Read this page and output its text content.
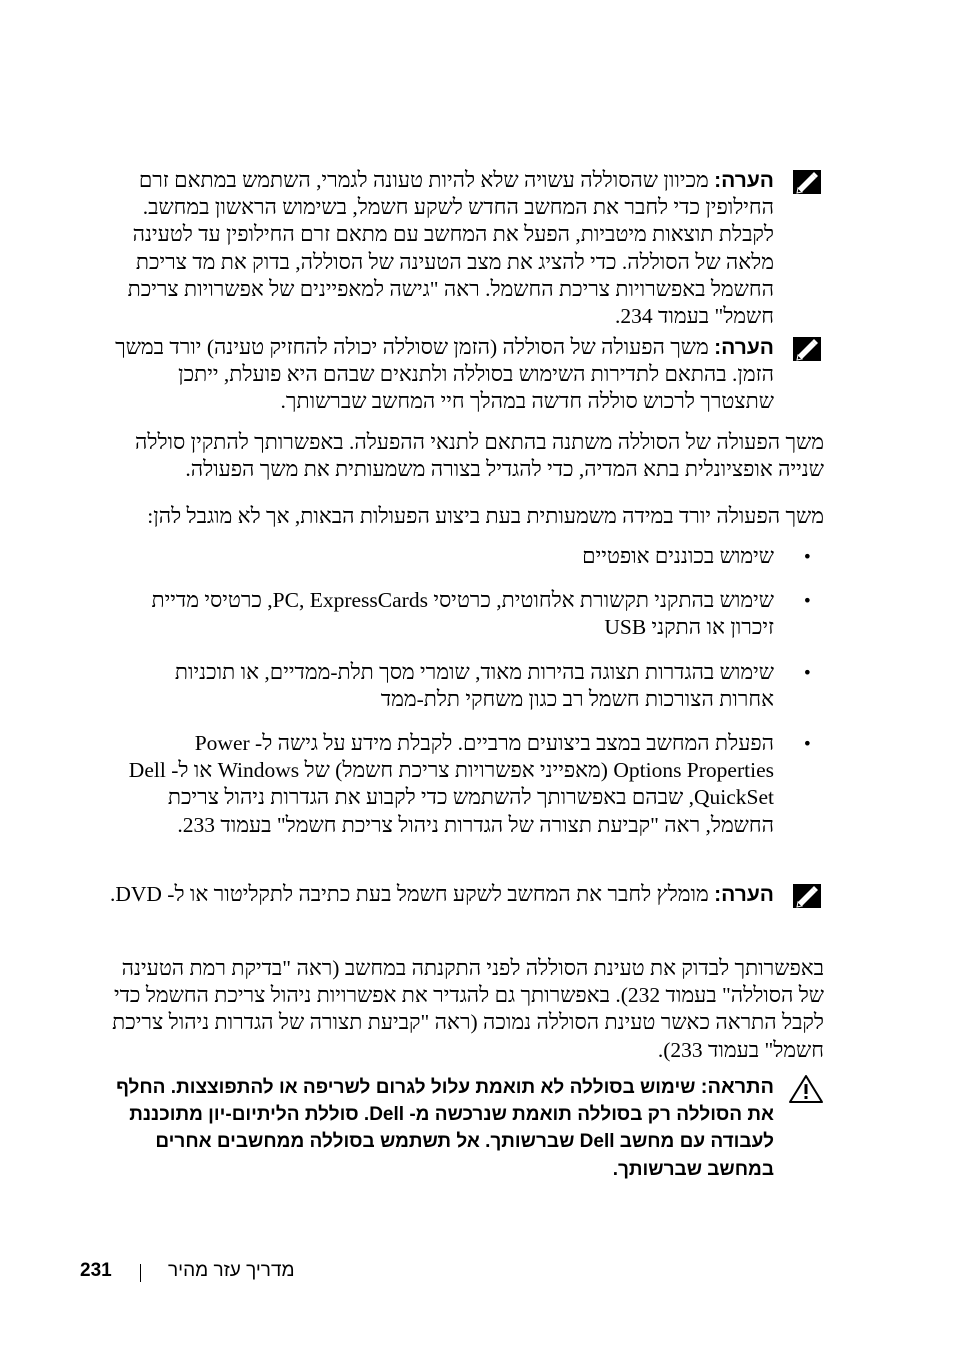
הערה: מכיוון שהסוללה עשויה שלא להיות טעונה לגמרי, השתמש במתאם זרם החילופין כדי לחבר את המחשב החדש לשקע חשמל, בשימוש הראשון במחשב. לקבלת תוצאות מיטביות, הפעל את המחשב עם מתאם זרם החילופין עד לטעינה מלאה של הסוללה. כדי להציג את מצב הטעינה של הסוללה, בדוק את מד צריכת החשמל באפשרויות צריכת החשמל. ראה "גישה למאפיינים של אפשרויות צריכת חשמל" בעמוד 234.
הערה: משך הפעולה של הסוללה (הזמן שסוללה יכולה להחזיק טעינה) יורד במשך הזמן. בהתאם לתדירות השימוש בסוללה ולתנאים שבהם היא פועלת, ייתכן שתצטרך לרכוש סוללה חדשה במהלך חיי המחשב שברשותך.
משך הפעולה של הסוללה משתנה בהתאם לתנאי ההפעלה. באפשרותך להתקין סוללה שנייה אופציונלית בתא המדיה, כדי להגדיל בצורה משמעותית את משך הפעולה.
משך הפעולה יורד במידה משמעותית בעת ביצוע הפעולות הבאות, אך לא מוגבל להן:
• שימוש בכוננים אופטיים
• שימוש בהתקני תקשורת אלחוטית, כרטיסי PC, ExpressCards, כרטיסי מדיית זיכרון או התקני USB
• שימוש בהגדרות תצוגה בהירות מאוד, שומרי מסך תלת-ממדיים, או תוכניות אחרות הצורכות חשמל רב כגון משחקי תלת-ממד
• הפעלת המחשב במצב ביצועים מרביים. לקבלת מידע על גישה ל- Power Options Properties (מאפייני אפשרויות צריכת חשמל) של Windows או ל- Dell QuickSet, שבהם באפשרותך להשתמש כדי לקבוע את הגדרות ניהול צריכת החשמל, ראה "קביעת תצורה של הגדרות ניהול צריכת חשמל" בעמוד 233.
הערה: מומלץ לחבר את המחשב לשקע חשמל בעת כתיבה לתקליטור או ל- DVD.
באפשרותך לבדוק את טעינת הסוללה לפני התקנתה במחשב (ראה "בדיקת רמת הטעינה של הסוללה" בעמוד 232). באפשרותך גם להגדיר את אפשרויות ניהול צריכת החשמל כדי לקבל התראה כאשר טעינת הסוללה נמוכה (ראה "קביעת תצורה של הגדרות ניהול צריכת חשמל" בעמוד 233).
התראה: שימוש בסוללה לא תואמת עלול לגרום לשריפה או להתפוצצות. החלף את הסוללה רק בסוללה תואמת שנרכשה מ- Dell. סוללת הליתיום-יון מתוכננת לעבודה עם מחשב Dell שברשותך. אל תשתמש בסוללה ממחשבים אחרים במחשב שברשותך.
231	מדריך עזר מהיר
